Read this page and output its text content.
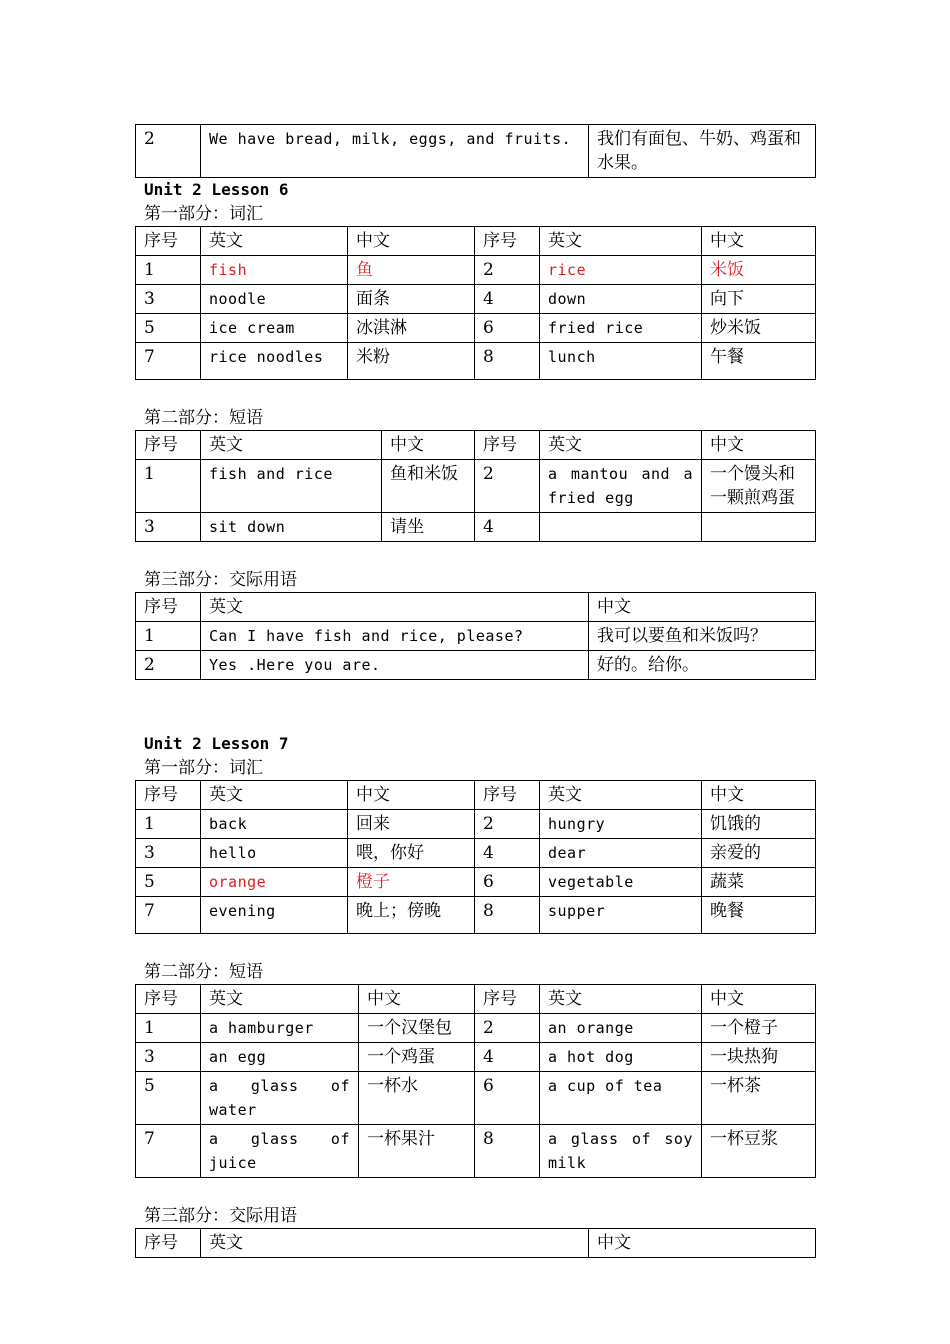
2	We have bread, milk, eggs, and fruits.	我们有面包、牛奶、鸡蛋和水果。
Unit 2 Lesson 6
第一部分：词汇
序号	英文	中文	序号	英文	中文
1	fish	鱼	2	rice	米饭
3	noodle	面条	4	down	向下
5	ice cream	冰淇淋	6	fried rice	炒米饭
7	rice noodles	米粉	8	lunch	午餐
第二部分：短语
序号	英文	中文	序号	英文	中文
1	fish and rice	鱼和米饭	2	a mantou and a fried egg	一个馒头和一颗煎鸡蛋
3	sit down	请坐	4		
第三部分：交际用语
序号	英文	中文
1	Can I have fish and rice, please?	我可以要鱼和米饭吗？
2	Yes .Here you are.	好的。给你。
Unit 2 Lesson 7
第一部分：词汇
序号	英文	中文	序号	英文	中文
1	back	回来	2	hungry	饥饿的
3	hello	喂，你好	4	dear	亲爱的
5	orange	橙子	6	vegetable	蔬菜
7	evening	晚上；傍晚	8	supper	晚餐
第二部分：短语
序号	英文	中文	序号	英文	中文
1	a hamburger	一个汉堡包	2	an orange	一个橙子
3	an egg	一个鸡蛋	4	a hot dog	一块热狗
5	a glass of water	一杯水	6	a cup of tea	一杯茶
7	a glass of juice	一杯果汁	8	a glass of soy milk	一杯豆浆
第三部分：交际用语
序号	英文	中文
